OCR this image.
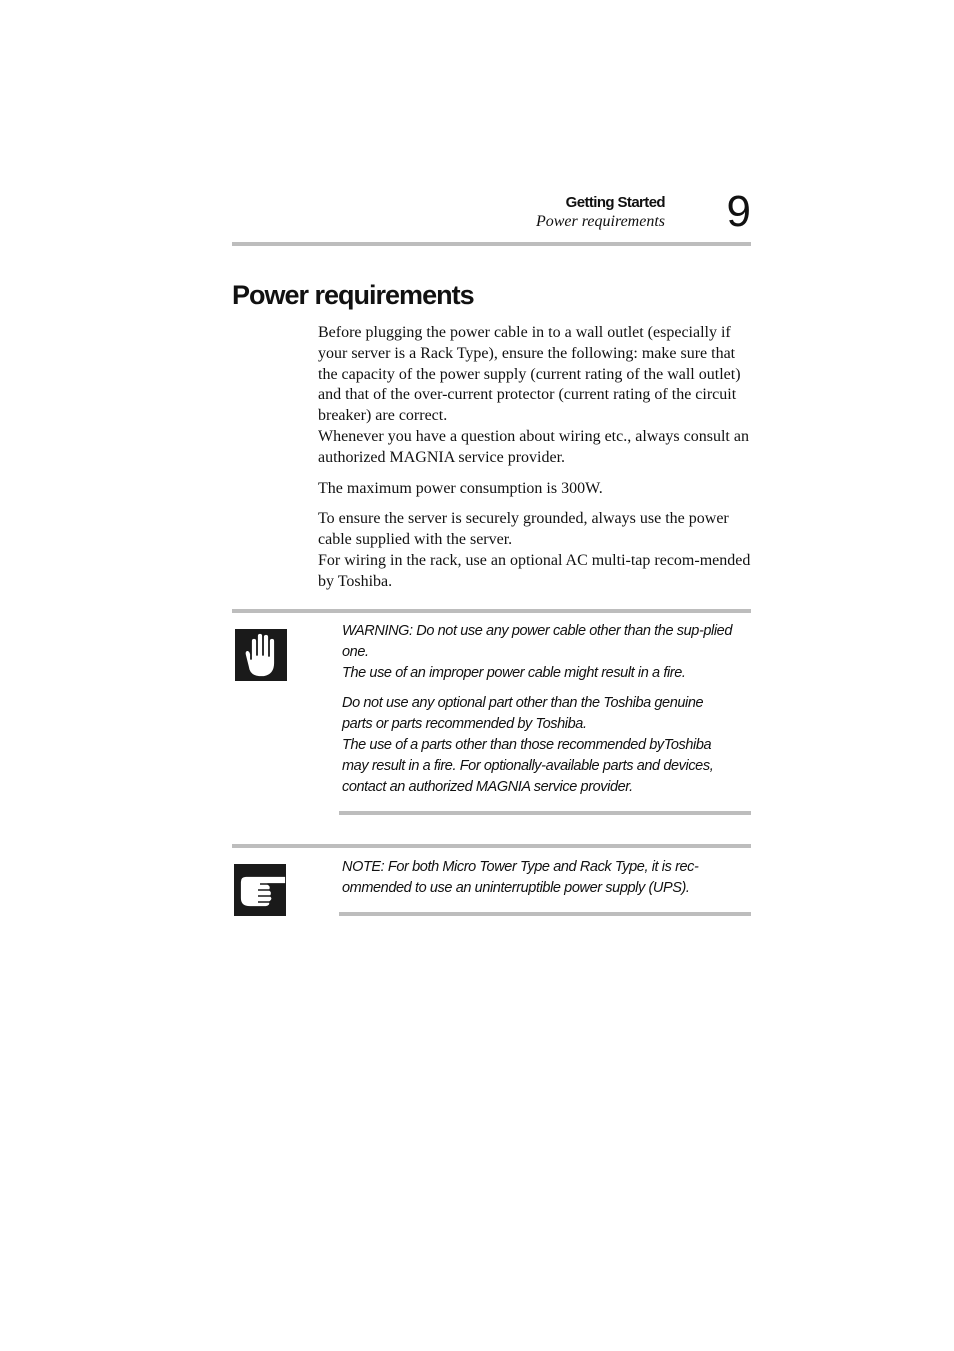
Getting Started
Power requirements 9
Power requirements

Before plugging the power cable in to a wall outlet (especially if your server is a Rack Type), ensure the following: make sure that the capacity of the power supply (current rating of the wall outlet) and that of the over-current protector (current rating of the circuit breaker) are correct.
Whenever you have a question about wiring etc., always consult an authorized MAGNIA service provider.

The maximum power consumption is 300W.

To ensure the server is securely grounded, always use the power cable supplied with the server.
For wiring in the rack, use an optional AC multi-tap recom-mended by Toshiba.

WARNING: Do not use any power cable other than the sup-plied one.
The use of an improper power cable might result in a fire.

Do not use any optional part other than the Toshiba genuine parts or parts recommended by Toshiba.
The use of a parts other than those recommended byToshiba may result in a fire. For optionally-available parts and devices, contact an authorized MAGNIA service provider.

NOTE: For both Micro Tower Type and Rack Type, it is rec-ommended to use an uninterruptible power supply (UPS).
